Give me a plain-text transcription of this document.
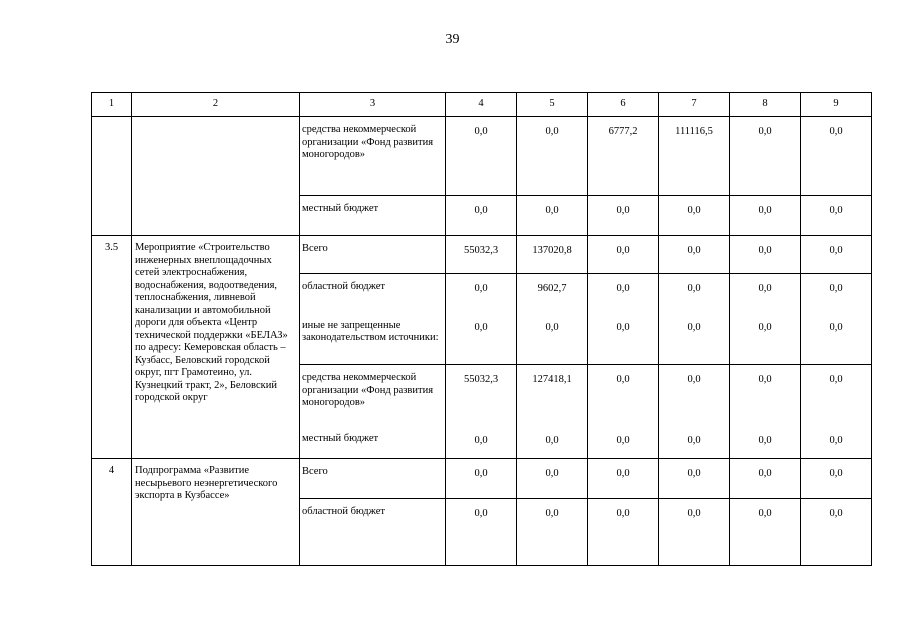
39
1	2	3	4	5	6	7	8	9
		средства некоммерческой организации «Фонд развития моногородов»	0,0	0,0	6777,2	111116,5	0,0	0,0
		местный бюджет	0,0	0,0	0,0	0,0	0,0	0,0
3.5	Мероприятие «Строительство инженерных внеплощадочных сетей электроснабжения, водоснабжения, водоотведения, теплоснабжения, ливневой канализации и автомобильной дороги для объекта «Центр технической поддержки «БЕЛАЗ» по адресу: Кемеровская область – Кузбасс, Беловский городской округ, пгт Грамотеино, ул. Кузнецкий тракт, 2», Беловский городской округ	Всего	55032,3	137020,8	0,0	0,0	0,0	0,0
		областной бюджет	0,0	9602,7	0,0	0,0	0,0	0,0
		иные не запрещенные законодательством источники:	0,0	0,0	0,0	0,0	0,0	0,0
		средства некоммерческой организации «Фонд развития моногородов»	55032,3	127418,1	0,0	0,0	0,0	0,0
		местный бюджет	0,0	0,0	0,0	0,0	0,0	0,0
4	Подпрограмма «Развитие несырьевого неэнергетического экспорта в Кузбассе»	Всего	0,0	0,0	0,0	0,0	0,0	0,0
		областной бюджет	0,0	0,0	0,0	0,0	0,0	0,0
